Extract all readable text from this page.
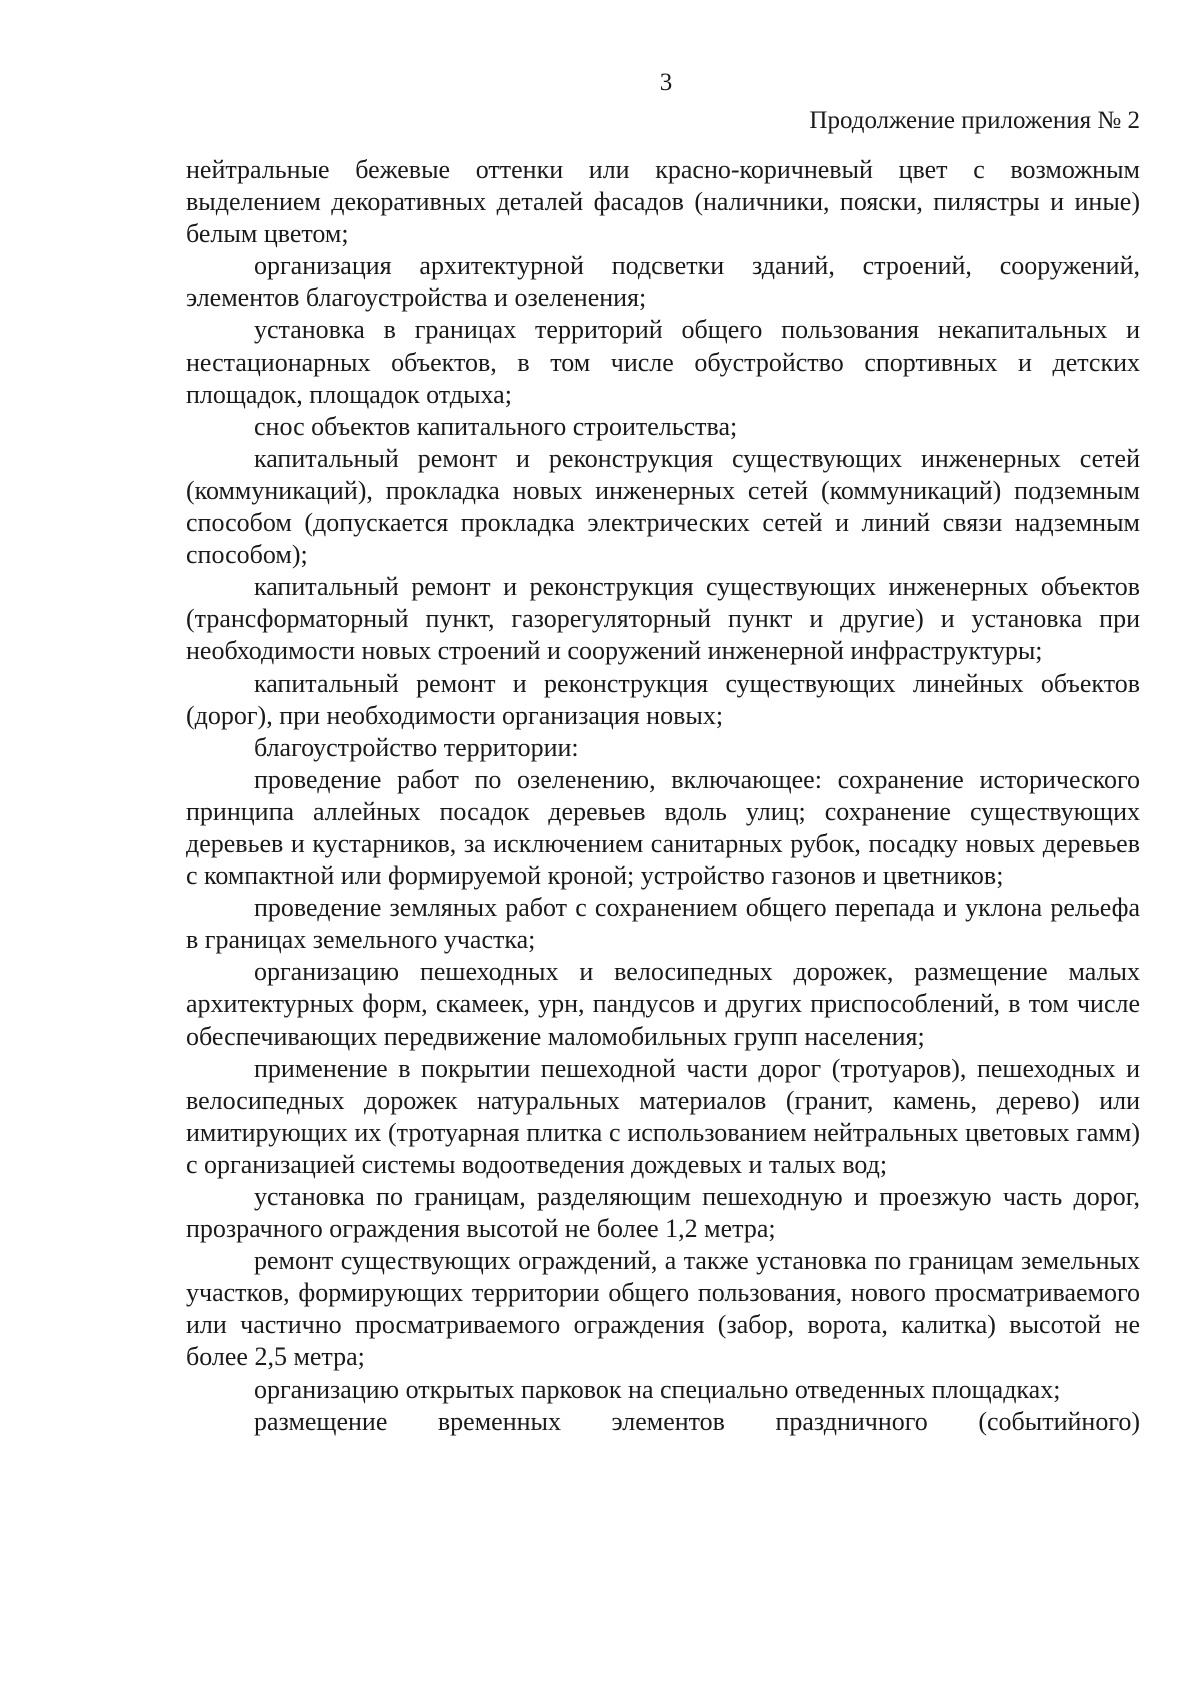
3
Продолжение приложения № 2

нейтральные бежевые оттенки или красно-коричневый цвет с возможным выделением декоративных деталей фасадов (наличники, пояски, пилястры и иные) белым цветом;

организация архитектурной подсветки зданий, строений, сооружений, элементов благоустройства и озеленения;

установка в границах территорий общего пользования некапитальных и нестационарных объектов, в том числе обустройство спортивных и детских площадок, площадок отдыха;

снос объектов капитального строительства;

капитальный ремонт и реконструкция существующих инженерных сетей (коммуникаций), прокладка новых инженерных сетей (коммуникаций) подземным способом (допускается прокладка электрических сетей и линий связи надземным способом);

капитальный ремонт и реконструкция существующих инженерных объектов (трансформаторный пункт, газорегуляторный пункт и другие) и установка при необходимости новых строений и сооружений инженерной инфраструктуры;

капитальный ремонт и реконструкция существующих линейных объектов (дорог), при необходимости организация новых;

благоустройство территории:

проведение работ по озеленению, включающее: сохранение исторического принципа аллейных посадок деревьев вдоль улиц; сохранение существующих деревьев и кустарников, за исключением санитарных рубок, посадку новых деревьев с компактной или формируемой кроной; устройство газонов и цветников;

проведение земляных работ с сохранением общего перепада и уклона рельефа в границах земельного участка;

организацию пешеходных и велосипедных дорожек, размещение малых архитектурных форм, скамеек, урн, пандусов и других приспособлений, в том числе обеспечивающих передвижение маломобильных групп населения;

применение в покрытии пешеходной части дорог (тротуаров), пешеходных и велосипедных дорожек натуральных материалов (гранит, камень, дерево) или имитирующих их (тротуарная плитка с использованием нейтральных цветовых гамм) с организацией системы водоотведения дождевых и талых вод;

установка по границам, разделяющим пешеходную и проезжую часть дорог, прозрачного ограждения высотой не более 1,2 метра;

ремонт существующих ограждений, а также установка по границам земельных участков, формирующих территории общего пользования, нового просматриваемого или частично просматриваемого ограждения (забор, ворота, калитка) высотой не более 2,5 метра;

организацию открытых парковок на специально отведенных площадках;

размещение временных элементов праздничного (событийного)
